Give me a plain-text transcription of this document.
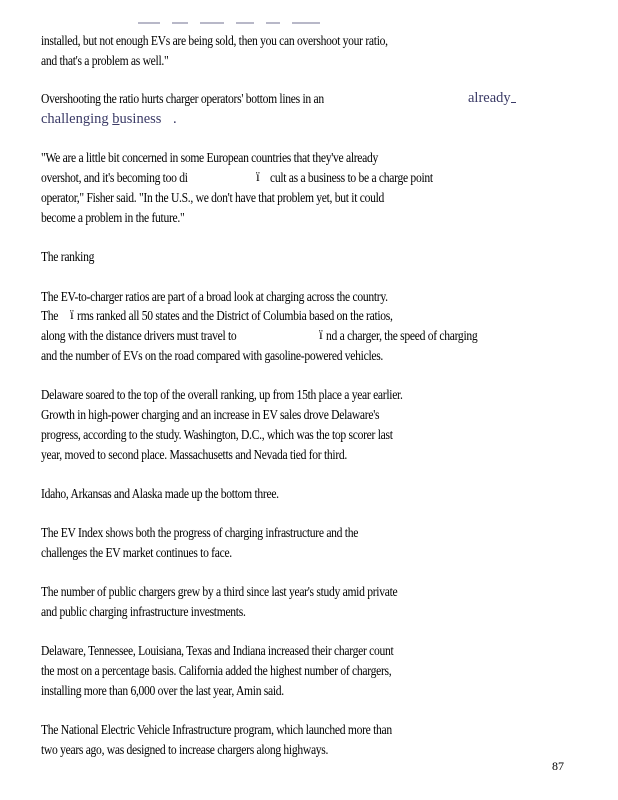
installed, but not enough EVs are being sold, then you can overshoot your ratio,
and that's a problem as well."
Overshooting the ratio hurts charger operators' bottom lines in an	already
challenging business .
"We are a little bit concerned in some European countries that they've already
overshot, and it's becoming too di	ï cult as a business to be a charge point
operator," Fisher said. "In the U.S., we don't have that problem yet, but it could
become a problem in the future."
The ranking
The EV-to-charger ratios are part of a broad look at charging across the country.
The ï rms ranked all 50 states and the District of Columbia based on the ratios,
along with the distance drivers must travel to	ï nd a charger, the speed of charging
and the number of EVs on the road compared with gasoline-powered vehicles.
Delaware soared to the top of the overall ranking, up from 15th place a year earlier.
Growth in high-power charging and an increase in EV sales drove Delaware's
progress, according to the study. Washington, D.C., which was the top scorer last
year, moved to second place. Massachusetts and Nevada tied for third.
Idaho, Arkansas and Alaska made up the bottom three.
The EV Index shows both the progress of charging infrastructure and the
challenges the EV market continues to face.
The number of public chargers grew by a third since last year's study amid private
and public charging infrastructure investments.
Delaware, Tennessee, Louisiana, Texas and Indiana increased their charger count
the most on a percentage basis. California added the highest number of chargers,
installing more than 6,000 over the last year, Amin said.
The National Electric Vehicle Infrastructure program, which launched more than
two years ago, was designed to increase chargers along highways.
87
